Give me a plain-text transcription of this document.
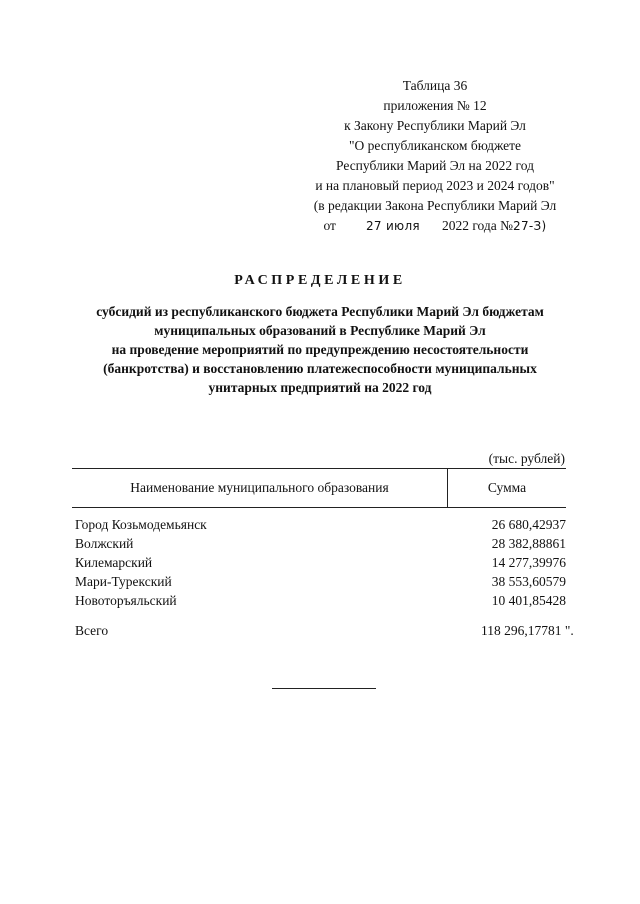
Таблица 36
приложения № 12
к Закону Республики Марий Эл
"О республиканском бюджете
Республики Марий Эл на 2022 год
и на плановый период 2023 и 2024 годов"
(в редакции Закона Республики Марий Эл
от	27 июля 2022 года № 27-З)
РАСПРЕДЕЛЕНИЕ
субсидий из республиканского бюджета Республики Марий Эл бюджетам
муниципальных образований в Республике Марий Эл
на проведение мероприятий по предупреждению несостоятельности
(банкротства) и восстановлению платежеспособности муниципальных
унитарных предприятий на 2022 год
(тыс. рублей)
Наименование муниципального образования	Сумма
Город Козьмодемьянск	26 680,42937
Волжский	28 382,88861
Килемарский	14 277,39976
Мари-Турекский	38 553,60579
Новоторъяльский	10 401,85428
Всего	118 296,17781 ".
